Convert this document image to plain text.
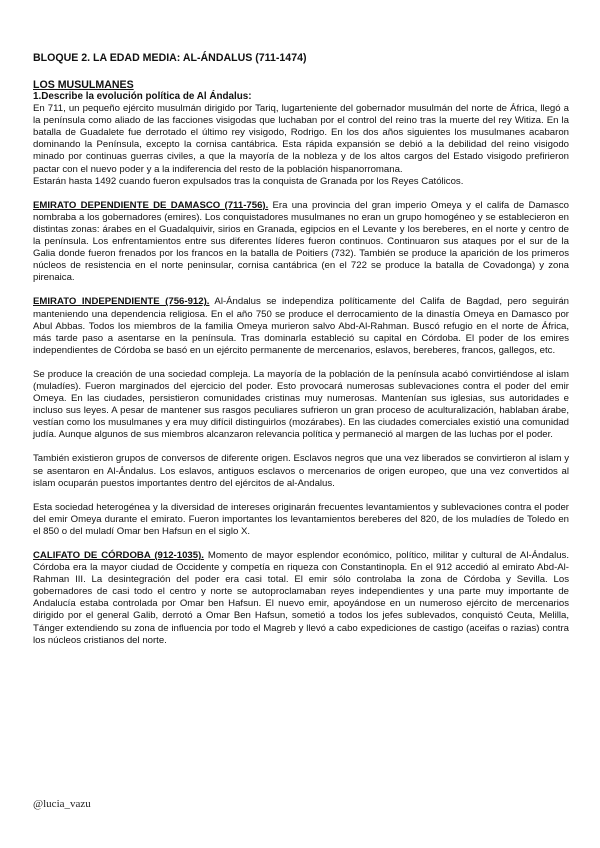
BLOQUE 2. LA EDAD MEDIA: AL-ÁNDALUS (711-1474)
LOS MUSULMANES
1.Describe la evolución política de Al Ándalus:

En 711, un pequeño ejército musulmán dirigido por Tariq, lugarteniente del gobernador musulmán del norte de África, llegó a la península como aliado de las facciones visigodas que luchaban por el control del reino tras la muerte del rey Witiza. En la batalla de Guadalete fue derrotado el último rey visigodo, Rodrigo. En los dos años siguientes los musulmanes acabaron dominando la Península, excepto la cornisa cantábrica. Esta rápida expansión se debió a la debilidad del reino visigodo minado por continuas guerras civiles, a que la mayoría de la nobleza y de los altos cargos del Estado visigodo prefirieron pactar con el nuevo poder y a la indiferencia del resto de la población hispanorromana.

Estarán hasta 1492 cuando fueron expulsados tras la conquista de Granada por los Reyes Católicos.

EMIRATO DEPENDIENTE DE DAMASCO (711-756). Era una provincia del gran imperio Omeya y el califa de Damasco nombraba a los gobernadores (emires). Los conquistadores musulmanes no eran un grupo homogéneo y se establecieron en distintas zonas: árabes en el Guadalquivir, sirios en Granada, egipcios en el Levante y los bereberes, en el norte y centro de la península. Los enfrentamientos entre sus diferentes líderes fueron continuos. Continuaron sus ataques por el sur de la Galia donde fueron frenados por los francos en la batalla de Poitiers (732). También se produce la aparición de los primeros núcleos de resistencia en el norte peninsular, cornisa cantábrica (en el 722 se produce la batalla de Covadonga) y zona pirenaica.

EMIRATO INDEPENDIENTE (756-912). Al-Ándalus se independiza políticamente del Califa de Bagdad, pero seguirán manteniendo una dependencia religiosa. En el año 750 se produce el derrocamiento de la dinastía Omeya en Damasco por Abul Abbas. Todos los miembros de la familia Omeya murieron salvo Abd-Al-Rahman. Buscó refugio en el norte de África, más tarde paso a asentarse en la península. Tras dominarla estableció su capital en Córdoba. El poder de los emires independientes de Córdoba se basó en un ejército permanente de mercenarios, eslavos, bereberes, francos, gallegos, etc.

Se produce la creación de una sociedad compleja. La mayoría de la población de la península acabó convirtiéndose al islam (muladíes). Fueron marginados del ejercicio del poder. Esto provocará numerosas sublevaciones contra el poder del emir Omeya. En las ciudades, persistieron comunidades cristinas muy numerosas. Mantenían sus iglesias, sus autoridades e incluso sus leyes. A pesar de mantener sus rasgos peculiares sufrieron un gran proceso de aculturalización, hablaban árabe, vestían como los musulmanes y era muy difícil distinguirlos (mozárabes). En las ciudades comerciales existió una comunidad judía. Aunque algunos de sus miembros alcanzaron relevancia política y permaneció al margen de las luchas por el poder.

También existieron grupos de conversos de diferente origen. Esclavos negros que una vez liberados se convirtieron al islam y se asentaron en Al-Ándalus. Los eslavos, antiguos esclavos o mercenarios de origen europeo, que una vez convertidos al islam ocuparán puestos importantes dentro del ejércitos de al-Andalus.

Esta sociedad heterogénea y la diversidad de intereses originarán frecuentes levantamientos y sublevaciones contra el poder del emir Omeya durante el emirato. Fueron importantes los levantamientos bereberes del 820, de los muladíes de Toledo en el 850 o del muladí Omar ben Hafsun en el siglo X.

CALIFATO DE CÓRDOBA (912-1035). Momento de mayor esplendor económico, político, militar y cultural de Al-Ándalus. Córdoba era la mayor ciudad de Occidente y competía en riqueza con Constantinopla. En el 912 accedió al emirato Abd-Al-Rahman III. La desintegración del poder era casi total. El emir sólo controlaba la zona de Córdoba y Sevilla. Los gobernadores de casi todo el centro y norte se autoproclamaban reyes independientes y una parte muy importante de Andalucía estaba controlada por Omar ben Hafsun. El nuevo emir, apoyándose en un numeroso ejército de mercenarios dirigido por el general Galib, derrotó a Omar Ben Hafsun, sometió a todos los jefes sublevados, conquistó Ceuta, Melilla, Tánger extendiendo su zona de influencia por todo el Magreb y llevó a cabo expediciones de castigo (aceifas o razias) contra los núcleos cristianos del norte.

@lucia_vazu
